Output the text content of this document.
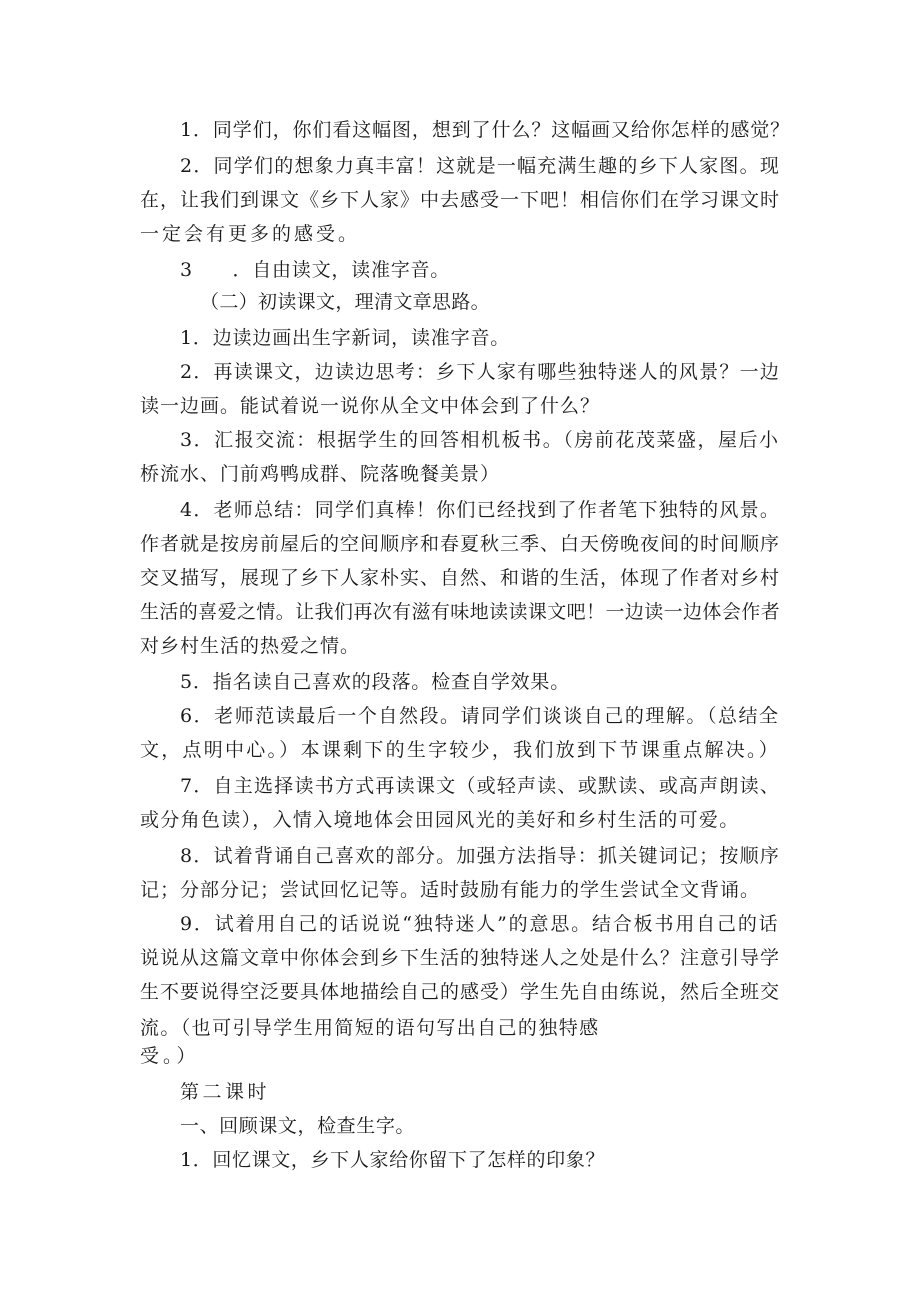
1．同学们，你们看这幅图，想到了什么？这幅画又给你怎样的感觉？
2．同学们的想象力真丰富！这就是一幅充满生趣的乡下人家图。现
在，让我们到课文《乡下人家》中去感受一下吧！相信你们在学习课文时
一定会有更多的感受。
3　　．自由读文，读准字音。
（二）初读课文，理清文章思路。
1．边读边画出生字新词，读准字音。
2．再读课文，边读边思考：乡下人家有哪些独特迷人的风景？一边
读一边画。能试着说一说你从全文中体会到了什么？
3．汇报交流：根据学生的回答相机板书。（房前花茂菜盛，屋后小
桥流水、门前鸡鸭成群、院落晚餐美景）
4．老师总结：同学们真棒！你们已经找到了作者笔下独特的风景。
作者就是按房前屋后的空间顺序和春夏秋三季、白天傍晚夜间的时间顺序
交叉描写，展现了乡下人家朴实、自然、和谐的生活，体现了作者对乡村
生活的喜爱之情。让我们再次有滋有味地读读课文吧！一边读一边体会作者
对乡村生活的热爱之情。
5．指名读自己喜欢的段落。检查自学效果。
6．老师范读最后一个自然段。请同学们谈谈自己的理解。（总结全
文，点明中心。）本课剩下的生字较少，我们放到下节课重点解决。）
7．自主选择读书方式再读课文（或轻声读、或默读、或高声朗读、
或分角色读），入情入境地体会田园风光的美好和乡村生活的可爱。
8．试着背诵自己喜欢的部分。加强方法指导：抓关键词记；按顺序
记；分部分记；尝试回忆记等。适时鼓励有能力的学生尝试全文背诵。
9．试着用自己的话说说“独特迷人”的意思。结合板书用自己的话
说说从这篇文章中你体会到乡下生活的独特迷人之处是什么？注意引导学
生不要说得空泛要具体地描绘自己的感受）学生先自由练说，然后全班交
流。（也可引导学生用简短的语句写出自己的独特感
受。）
第二课时
一、回顾课文，检查生字。
1．回忆课文，乡下人家给你留下了怎样的印象？
